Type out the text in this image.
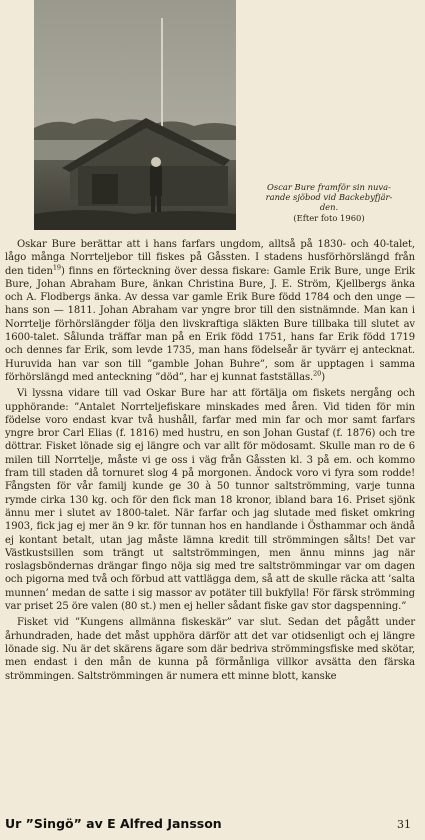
Oscar Bure framför sin nuva-
rande sjöbod vid Backebyfjär-
den.
(Efter foto 1960)

Oskar Bure berättar att i hans farfars ungdom, alltså på 1830- och 40-talet, lågo många Norrteljebor till fiskes på Gåssten. I stadens husförhörslängd från den tiden$^{19}$) finns en förteckning över dessa fiskare: Gamle Erik Bure, unge Erik Bure, Johan Abraham Bure, änkan Christina Bure, J. E. Ström, Kjellbergs änka och A. Flodbergs änka. Av dessa var gamle Erik Bure född 1784 och den unge — hans son — 1811. Johan Abraham var yngre bror till den sistnämnde. Man kan i Norrtelje förhörslängder följa den livskraftiga släkten Bure tillbaka till slutet av 1600-talet. Sålunda träffar man på en Erik född 1751, hans far Erik född 1719 och dennes far Erik, som levde 1735, man hans födelseår är tyvärr ej antecknat. Huruvida han var son till ”gamble Johan Buhre”, som är upptagen i samma förhörslängd med anteckning ”död”, har ej kunnat fastställas.$^{20}$)

Vi lyssna vidare till vad Oskar Bure har att förtälja om fiskets nergång och upphörande: ”Antalet Norrteljefiskare minskades med åren. Vid tiden för min födelse voro endast kvar två hushåll, farfar med min far och mor samt farfars yngre bror Carl Elias (f. 1816) med hustru, en son Johan Gustaf (f. 1876) och tre döttrar. Fisket lönade sig ej längre och var allt för mödosamt. Skulle man ro de 6 milen till Norrtelje, måste vi ge oss i väg från Gåssten kl. 3 på em. och kommo fram till staden då tornuret slog 4 på morgonen. Ändock voro vi fyra som rodde! Fångsten för vår familj kunde ge 30 à 50 tunnor saltströmming, varje tunna rymde cirka 130 kg. och för den fick man 18 kronor, ibland bara 16. Priset sjönk ännu mer i slutet av 1800-talet. När farfar och jag slutade med fisket omkring 1903, fick jag ej mer än 9 kr. för tunnan hos en handlande i Östhammar och ändå ej kontant betalt, utan jag måste lämna kredit till strömmingen sålts! Det var Västkustsillen som trängt ut saltströmmingen, men ännu minns jag när roslagsböndernas drängar fingo nöja sig med tre saltströmmingar var om dagen och pigorna med två och förbud att vattlägga dem, så att de skulle räcka att ’salta munnen’ medan de satte i sig massor av potäter till bukfylla! För färsk strömming var priset 25 öre valen (80 st.) men ej heller sådant fiske gav stor dagspenning.”

Fisket vid ”Kungens allmänna fiskeskär” var slut. Sedan det pågått under århundraden, hade det måst upphöra därför att det var otidsenligt och ej längre lönade sig. Nu är det skärens ägare som där bedriva strömmingsfiske med skötar, men endast i den mån de kunna på förmånliga villkor avsätta den färska strömmingen. Saltströmmingen är numera ett minne blott, kanske

Ur ”Singö” av E Alfred Jansson	31
